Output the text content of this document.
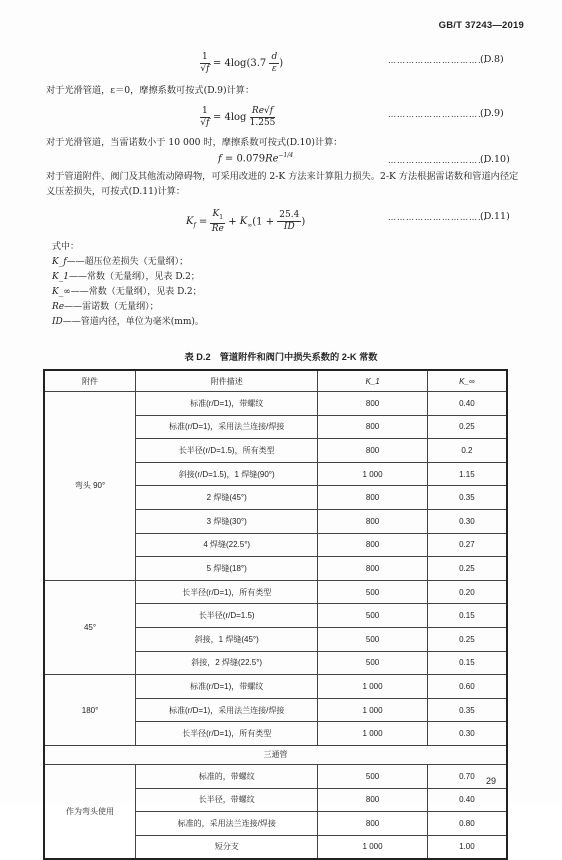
GB/T 37243—2019
$\frac{1}{√f} = 4\log(3.7 \frac{d}{\varepsilon}$ )	……………………………
(D.8)
对于光滑管道，ε＝0，摩擦系数可按式(D.9)计算：
$\frac{1}{√f} = 4\log \frac{Re√f}{1.255}$	……………………………
(D.9)
对于光滑管道，当雷诺数小于 10 000 时，摩擦系数可按式(D.10)计算：
$f = 0.079Re^{-1/4}$
……………………………
(D.10)
对于管道附件、阀门及其他流动障碍物，可采用改进的 2-K 方法来计算阻力损失。2-K 方法根据雷诺数和管道内径定义压差损失，可按式(D.11)计算：
$K_f = \frac{K_1}{Re} + K_\infty(1 + \frac{25.4}{ID}$ )	……………………………
(D.11)
式中：
K_f——超压位差损失（无量纲）；
K_1——常数（无量纲），见表 D.2；
K_∞——常数（无量纲），见表 D.2；
Re——雷诺数（无量纲）；
ID——管道内径，单位为毫米(mm)。
表 D.2　管道附件和阀门中损失系数的 2-K 常数
附件	附件描述	K_1	K_∞
弯头 90°	标准(r/D=1)，带螺纹	800	0.40
	标准(r/D=1)，采用法兰连接/焊接	800	0.25
	长半径(r/D=1.5)，所有类型	800	0.2
	斜接(r/D=1.5)，1 焊缝(90°)	1 000	1.15
	2 焊缝(45°)	800	0.35
	3 焊缝(30°)	800	0.30
	4 焊缝(22.5°)	800	0.27
	5 焊缝(18°)	800	0.25
45°	长半径(r/D=1)，所有类型	500	0.20
	长半径(r/D=1.5)	500	0.15
	斜接，1 焊缝(45°)	500	0.25
	斜接，2 焊缝(22.5°)	500	0.15
180°	标准(r/D=1)，带螺纹	1 000	0.60
	标准(r/D=1)，采用法兰连接/焊接	1 000	0.35
	长半径(r/D=1)，所有类型	1 000	0.30
三通管			
作为弯头使用	标准的，带螺纹	500	0.70
	长半径，带螺纹	800	0.40
	标准的，采用法兰连接/焊接	800	0.80
	短分支	1 000	1.00
29
